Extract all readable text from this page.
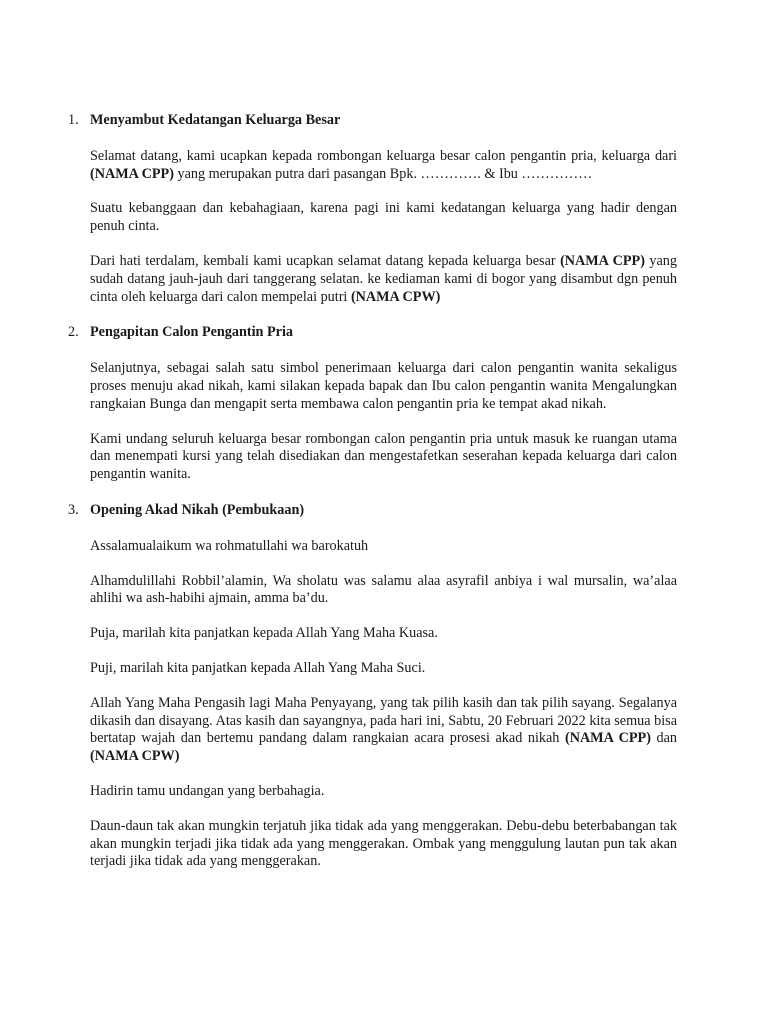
1. Menyambut Kedatangan Keluarga Besar

Selamat datang, kami ucapkan kepada rombongan keluarga besar calon pengantin pria, keluarga dari (NAMA CPP) yang merupakan putra dari pasangan Bpk. …………. & Ibu ……………

Suatu kebanggaan dan kebahagiaan, karena pagi ini kami kedatangan keluarga yang hadir dengan penuh cinta.

Dari hati terdalam, kembali kami ucapkan selamat datang kepada keluarga besar (NAMA CPP) yang sudah datang jauh-jauh dari tanggerang selatan. ke kediaman kami di bogor yang disambut dgn penuh cinta oleh keluarga dari calon mempelai putri (NAMA CPW)

2. Pengapitan Calon Pengantin Pria

Selanjutnya, sebagai salah satu simbol penerimaan keluarga dari calon pengantin wanita sekaligus proses menuju akad nikah, kami silakan kepada bapak dan Ibu calon pengantin wanita Mengalungkan rangkaian Bunga dan mengapit serta membawa calon pengantin pria ke tempat akad nikah.

Kami undang seluruh keluarga besar rombongan calon pengantin pria untuk masuk ke ruangan utama dan menempati kursi yang telah disediakan dan mengestafetkan seserahan kepada keluarga dari calon pengantin wanita.

3. Opening Akad Nikah (Pembukaan)

Assalamualaikum wa rohmatullahi wa barokatuh

Alhamdulillahi Robbil’alamin, Wa sholatu was salamu alaa asyrafil anbiya i wal mursalin, wa’alaa ahlihi wa ash-habihi ajmain, amma ba’du.

Puja, marilah kita panjatkan kepada Allah Yang Maha Kuasa.

Puji, marilah kita panjatkan kepada Allah Yang Maha Suci.

Allah Yang Maha Pengasih lagi Maha Penyayang, yang tak pilih kasih dan tak pilih sayang. Segalanya dikasih dan disayang. Atas kasih dan sayangnya, pada hari ini, Sabtu, 20 Februari 2022 kita semua bisa bertatap wajah dan bertemu pandang dalam rangkaian acara prosesi akad nikah (NAMA CPP) dan (NAMA CPW)

Hadirin tamu undangan yang berbahagia.

Daun-daun tak akan mungkin terjatuh jika tidak ada yang menggerakan. Debu-debu beterbabangan tak akan mungkin terjadi jika tidak ada yang menggerakan. Ombak yang menggulung lautan pun tak akan terjadi jika tidak ada yang menggerakan.
